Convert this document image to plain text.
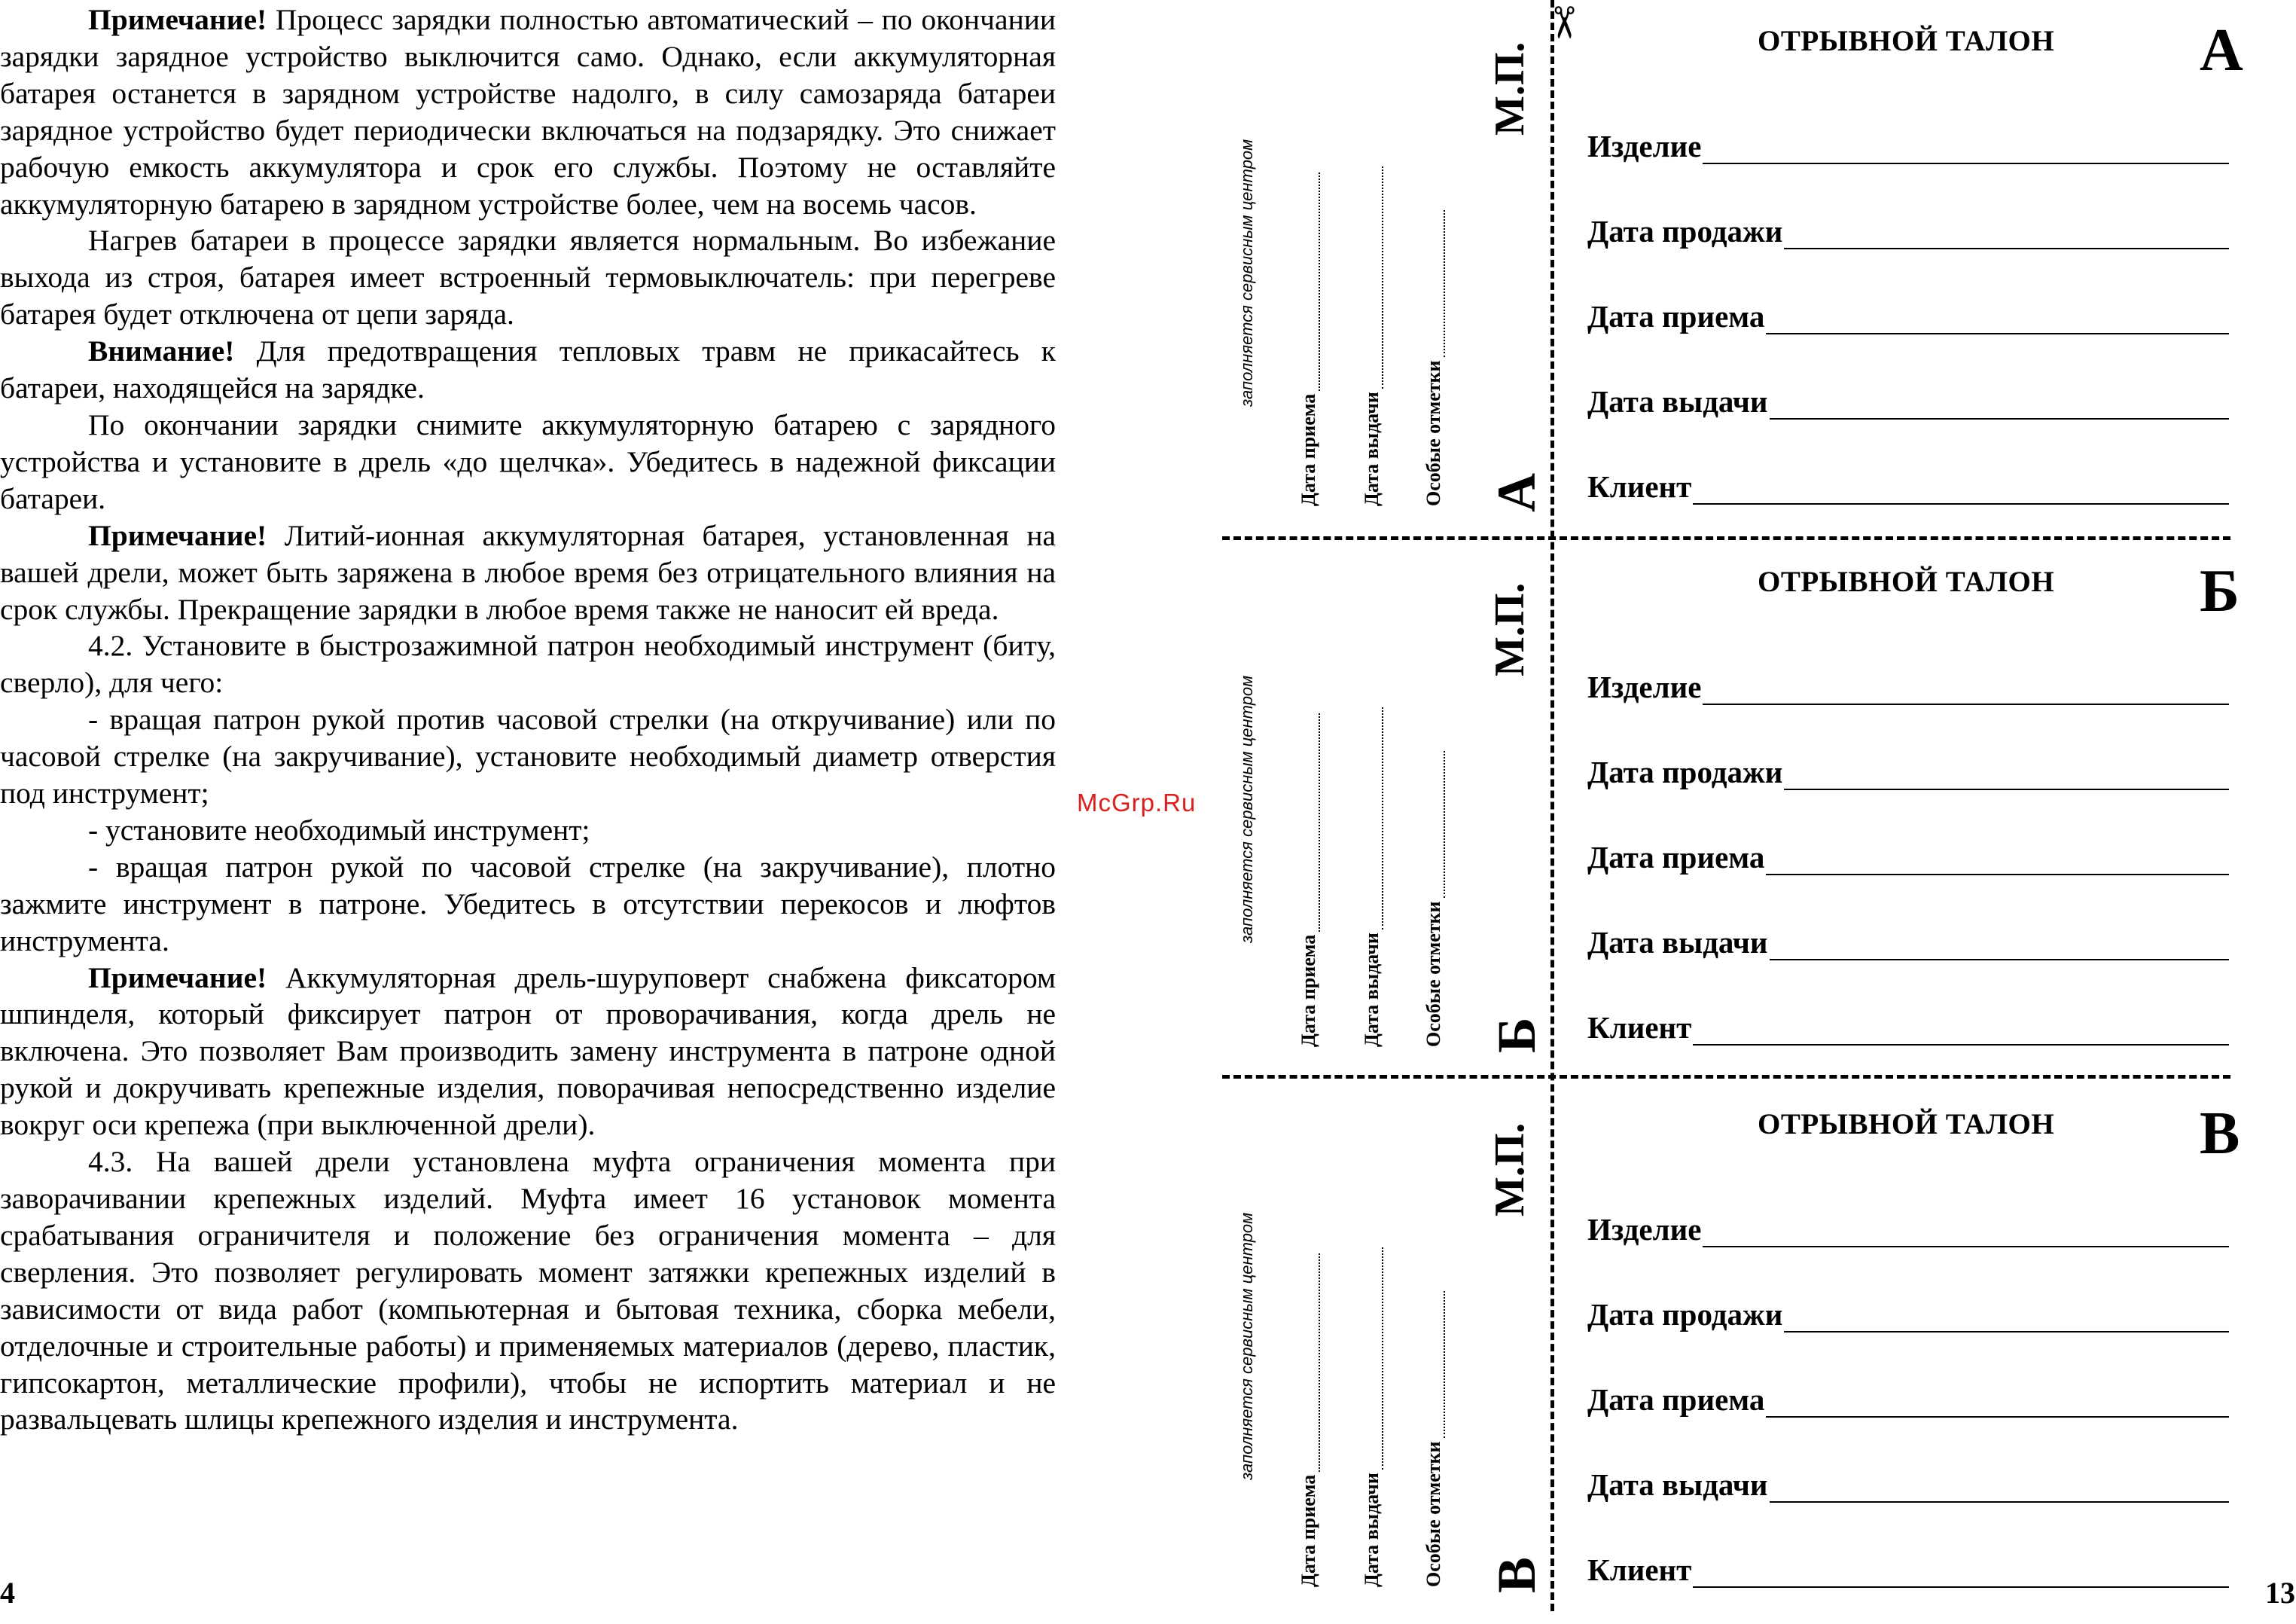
Примечание! Процесс зарядки полностью автоматический – по окончании зарядки зарядное устройство выключится само. Однако, если аккумуляторная батарея останется в зарядном устройстве надолго, в силу самозаряда батареи зарядное устройство будет периодически включаться на подзарядку. Это снижает рабочую емкость аккумулятора и срок его службы. Поэтому не оставляйте аккумуляторную батарею в зарядном устройстве более, чем на восемь часов.

Нагрев батареи в процессе зарядки является нормальным. Во избежание выхода из строя, батарея имеет встроенный термовыключатель: при перегреве батарея будет отключена от цепи заряда.

Внимание! Для предотвращения тепловых травм не прикасайтесь к батареи, находящейся на зарядке.

По окончании зарядки снимите аккумуляторную батарею с зарядного устройства и установите в дрель «до щелчка». Убедитесь в надежной фиксации батареи.

Примечание! Литий-ионная аккумуляторная батарея, установленная на вашей дрели, может быть заряжена в любое время без отрицательного влияния на срок службы. Прекращение зарядки в любое время также не наносит ей вреда.

4.2. Установите в быстрозажимной патрон необходимый инструмент (биту, сверло), для чего:

- вращая патрон рукой против часовой стрелки (на откручивание) или по часовой стрелке (на закручивание), установите необходимый диаметр отверстия под инструмент;

- установите необходимый инструмент;

- вращая патрон рукой по часовой стрелке (на закручивание), плотно зажмите инструмент в патроне. Убедитесь в отсутствии перекосов и люфтов инструмента.

Примечание! Аккумуляторная дрель-шуруповерт снабжена фиксатором шпинделя, который фиксирует патрон от проворачивания, когда дрель не включена. Это позволяет Вам производить замену инструмента в патроне одной рукой и докручивать крепежные изделия, поворачивая непосредственно изделие вокруг оси крепежа (при выключенной дрели).

4.3. На вашей дрели установлена муфта ограничения момента при заворачивании крепежных изделий. Муфта имеет 16 установок момента срабатывания ограничителя и положение без ограничения момента – для сверления. Это позволяет регулировать момент затяжки крепежных изделий в зависимости от вида работ (компьютерная и бытовая техника, сборка мебели, отделочные и строительные работы) и применяемых материалов (дерево, пластик, гипсокартон, металлические профили), чтобы не испортить материал и не развальцевать шлицы крепежного изделия и инструмента.

4
McGrp.Ru
✂
заполняется сервисным центром
Дата приема Дата выдачи Особые отметки А
М.П.
заполняется сервисным центром
Дата приема Дата выдачи Особые отметки Б
М.П.
заполняется сервисным центром
Дата приема Дата выдачи Особые отметки В
М.П.
ОТРЫВНОЙ ТАЛОН А
Изделие
Дата продажи
Дата приема
Дата выдачи
Клиент
ОТРЫВНОЙ ТАЛОН Б
Изделие
Дата продажи
Дата приема
Дата выдачи
Клиент
ОТРЫВНОЙ ТАЛОН В
Изделие
Дата продажи
Дата приема
Дата выдачи
Клиент
13
